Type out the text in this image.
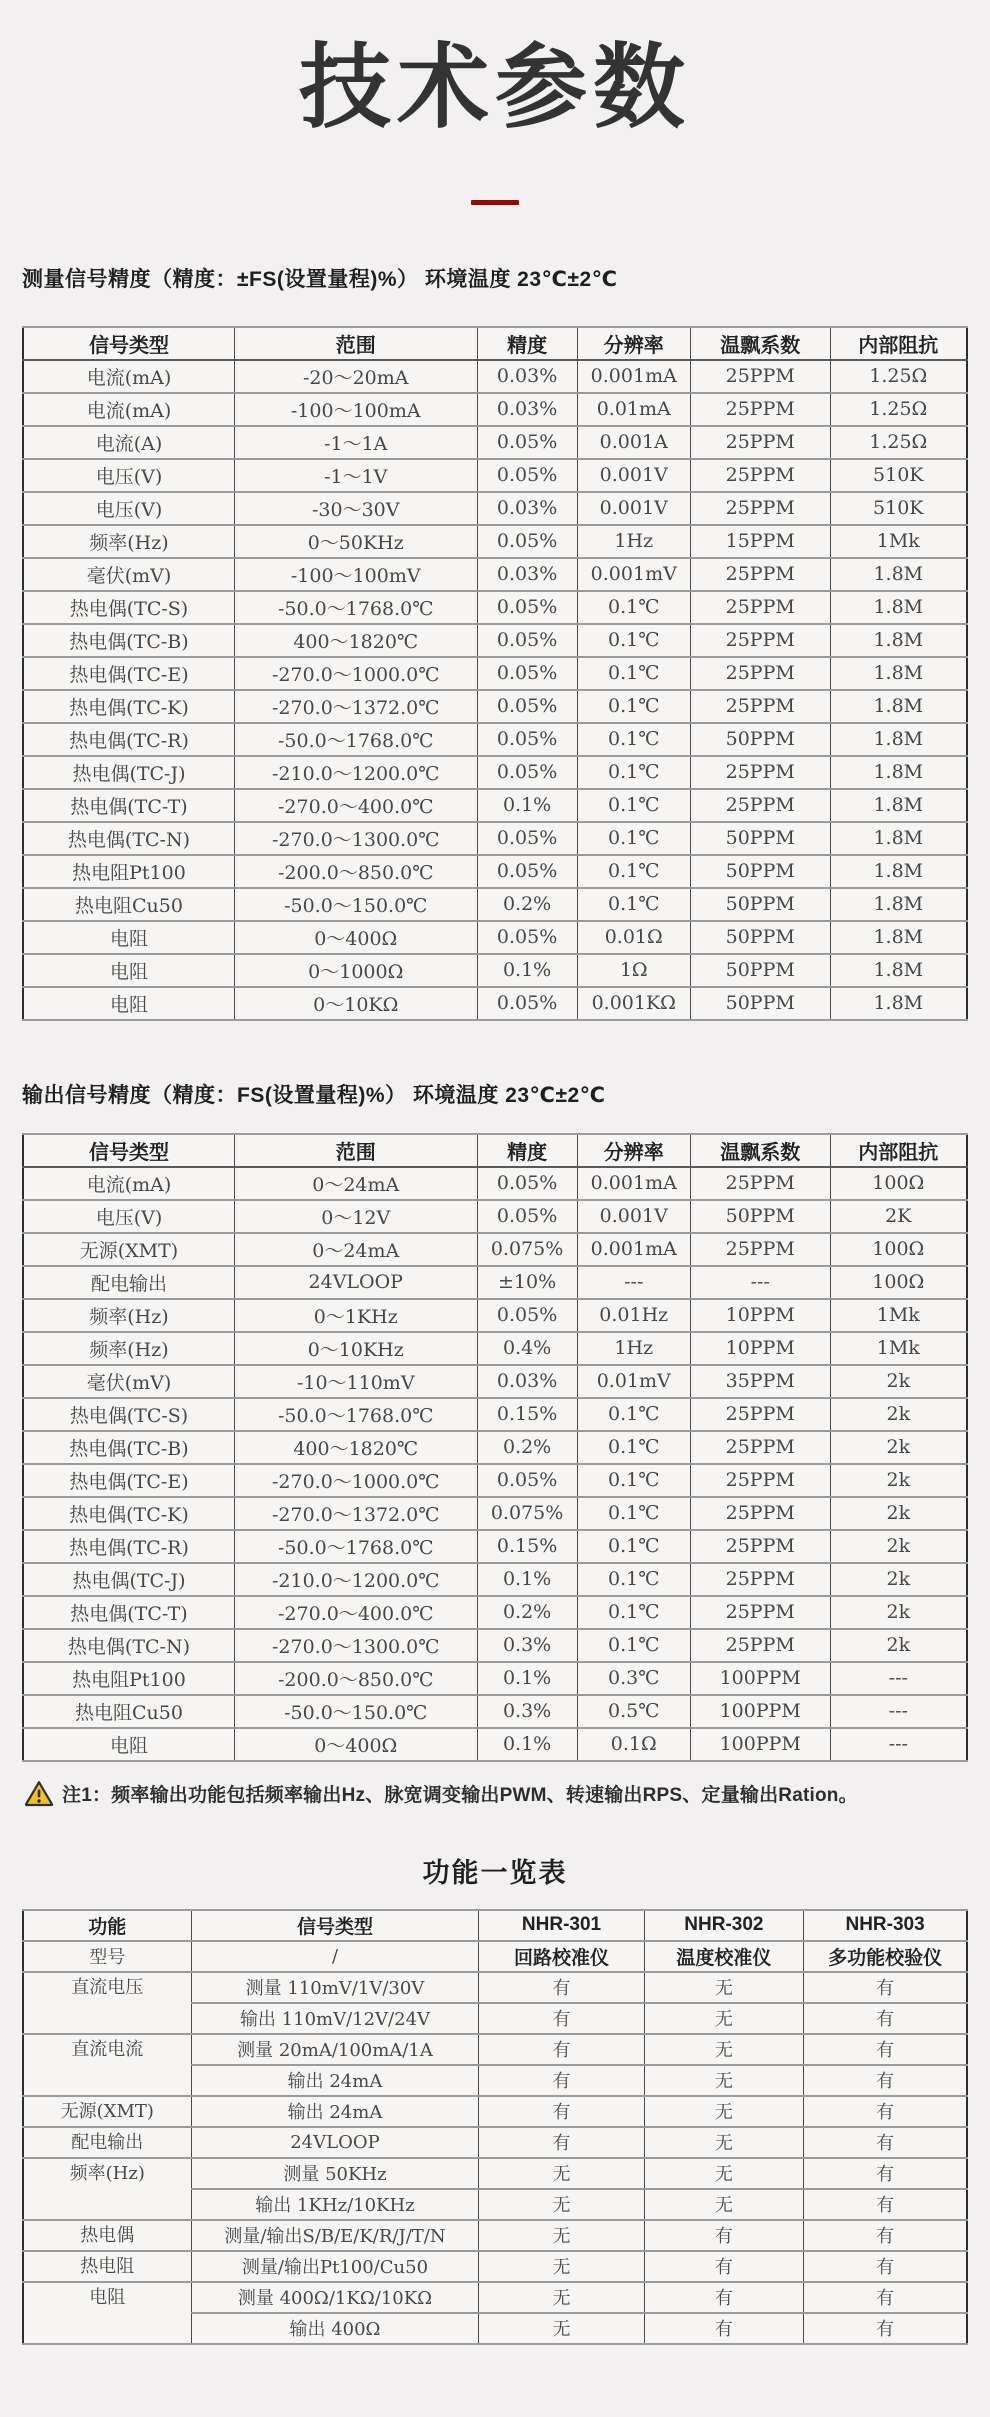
技术参数
测量信号精度（精度：±FS(设置量程)%） 环境温度 23℃±2℃
信号类型	范围	精度	分辨率	温飘系数	内部阻抗
电流(mA)	-20～20mA	0.03%	0.001mA	25PPM	1.25Ω
电流(mA)	-100～100mA	0.03%	0.01mA	25PPM	1.25Ω
电流(A)	-1～1A	0.05%	0.001A	25PPM	1.25Ω
电压(V)	-1～1V	0.05%	0.001V	25PPM	510K
电压(V)	-30～30V	0.03%	0.001V	25PPM	510K
频率(Hz)	0～50KHz	0.05%	1Hz	15PPM	1Mk
毫伏(mV)	-100～100mV	0.03%	0.001mV	25PPM	1.8M
热电偶(TC-S)	-50.0～1768.0℃	0.05%	0.1℃	25PPM	1.8M
热电偶(TC-B)	400～1820℃	0.05%	0.1℃	25PPM	1.8M
热电偶(TC-E)	-270.0～1000.0℃	0.05%	0.1℃	25PPM	1.8M
热电偶(TC-K)	-270.0～1372.0℃	0.05%	0.1℃	25PPM	1.8M
热电偶(TC-R)	-50.0～1768.0℃	0.05%	0.1℃	50PPM	1.8M
热电偶(TC-J)	-210.0～1200.0℃	0.05%	0.1℃	25PPM	1.8M
热电偶(TC-T)	-270.0～400.0℃	0.1%	0.1℃	25PPM	1.8M
热电偶(TC-N)	-270.0～1300.0℃	0.05%	0.1℃	50PPM	1.8M
热电阻Pt100	-200.0～850.0℃	0.05%	0.1℃	50PPM	1.8M
热电阻Cu50	-50.0～150.0℃	0.2%	0.1℃	50PPM	1.8M
电阻	0～400Ω	0.05%	0.01Ω	50PPM	1.8M
电阻	0～1000Ω	0.1%	1Ω	50PPM	1.8M
电阻	0～10KΩ	0.05%	0.001KΩ	50PPM	1.8M
输出信号精度（精度：FS(设置量程)%） 环境温度 23℃±2℃
信号类型	范围	精度	分辨率	温飘系数	内部阻抗
电流(mA)	0～24mA	0.05%	0.001mA	25PPM	100Ω
电压(V)	0～12V	0.05%	0.001V	50PPM	2K
无源(XMT)	0～24mA	0.075%	0.001mA	25PPM	100Ω
配电输出	24VLOOP	±10%	---	---	100Ω
频率(Hz)	0～1KHz	0.05%	0.01Hz	10PPM	1Mk
频率(Hz)	0～10KHz	0.4%	1Hz	10PPM	1Mk
毫伏(mV)	-10～110mV	0.03%	0.01mV	35PPM	2k
热电偶(TC-S)	-50.0～1768.0℃	0.15%	0.1℃	25PPM	2k
热电偶(TC-B)	400～1820℃	0.2%	0.1℃	25PPM	2k
热电偶(TC-E)	-270.0～1000.0℃	0.05%	0.1℃	25PPM	2k
热电偶(TC-K)	-270.0～1372.0℃	0.075%	0.1℃	25PPM	2k
热电偶(TC-R)	-50.0～1768.0℃	0.15%	0.1℃	25PPM	2k
热电偶(TC-J)	-210.0～1200.0℃	0.1%	0.1℃	25PPM	2k
热电偶(TC-T)	-270.0～400.0℃	0.2%	0.1℃	25PPM	2k
热电偶(TC-N)	-270.0～1300.0℃	0.3%	0.1℃	25PPM	2k
热电阻Pt100	-200.0～850.0℃	0.1%	0.3℃	100PPM	---
热电阻Cu50	-50.0～150.0℃	0.3%	0.5℃	100PPM	---
电阻	0～400Ω	0.1%	0.1Ω	100PPM	---
注1：频率输出功能包括频率输出Hz、脉宽调变输出PWM、转速输出RPS、定量输出Ration。
功能一览表
功能	信号类型	NHR-301	NHR-302	NHR-303
型号	/	回路校准仪	温度校准仪	多功能校验仪
直流电压	测量 110mV/1V/30V	有	无	有
	输出 110mV/12V/24V	有	无	有
直流电流	测量 20mA/100mA/1A	有	无	有
	输出 24mA	有	无	有
无源(XMT)	输出 24mA	有	无	有
配电输出	24VLOOP	有	无	有
频率(Hz)	测量 50KHz	无	无	有
	输出 1KHz/10KHz	无	无	有
热电偶	测量/输出S/B/E/K/R/J/T/N	无	有	有
热电阻	测量/输出Pt100/Cu50	无	有	有
电阻	测量 400Ω/1KΩ/10KΩ	无	有	有
	输出 400Ω	无	有	有
